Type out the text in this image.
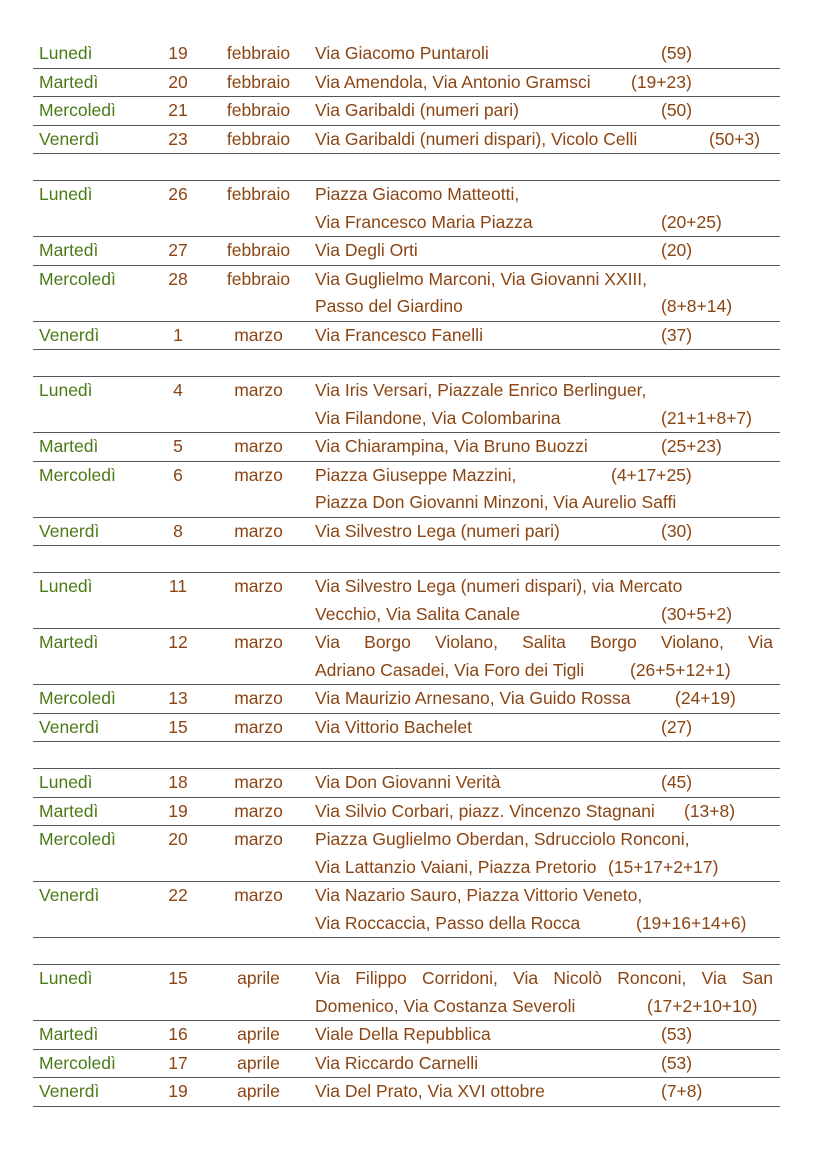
Lunedì	19	febbraio	Via Giacomo Puntaroli	(59)
Martedì	20	febbraio	Via Amendola, Via Antonio Gramsci (19+23)
Mercoledì	21	febbraio	Via Garibaldi (numeri pari)	(50)
Venerdì	23	febbraio	Via Garibaldi (numeri dispari), Vicolo Celli	(50+3)
Lunedì	26	febbraio	Piazza Giacomo Matteotti,
Via Francesco Maria Piazza	(20+25)
Martedì	27	febbraio	Via Degli Orti	(20)
Mercoledì	28	febbraio	Via Guglielmo Marconi, Via Giovanni XXIII,
Passo del Giardino	(8+8+14)
Venerdì	1	marzo	Via Francesco Fanelli	(37)
Lunedì	4	marzo	Via Iris Versari, Piazzale Enrico Berlinguer,
Via Filandone, Via Colombarina	(21+1+8+7)
Martedì	5	marzo	Via Chiarampina, Via Bruno Buozzi	(25+23)
Mercoledì	6	marzo	Piazza Giuseppe Mazzini,	(4+17+25)
Piazza Don Giovanni Minzoni, Via Aurelio Saffi
Venerdì	8	marzo	Via Silvestro Lega (numeri pari)	(30)
Lunedì	11	marzo	Via Silvestro Lega (numeri dispari), via Mercato
Vecchio, Via Salita Canale	(30+5+2)
Martedì	12	marzo	Via Borgo Violano, Salita Borgo Violano, Via
Adriano Casadei, Via Foro dei Tigli	(26+5+12+1)
Mercoledì	13	marzo	Via Maurizio Arnesano, Via Guido Rossa	(24+19)
Venerdì	15	marzo	Via Vittorio Bachelet	(27)
Lunedì	18	marzo	Via Don Giovanni Verità	(45)
Martedì	19	marzo	Via Silvio Corbari, piazz. Vincenzo Stagnani (13+8)
Mercoledì	20	marzo	Piazza Guglielmo Oberdan, Sdrucciolo Ronconi,
Via Lattanzio Vaiani, Piazza Pretorio (15+17+2+17)
Venerdì	22	marzo	Via Nazario Sauro, Piazza Vittorio Veneto,
Via Roccaccia, Passo della Rocca	(19+16+14+6)
Lunedì	15	aprile	Via Filippo Corridoni, Via Nicolò Ronconi, Via San
Domenico, Via Costanza Severoli	(17+2+10+10)
Martedì	16	aprile	Viale Della Repubblica	(53)
Mercoledì	17	aprile	Via Riccardo Carnelli	(53)
Venerdì	19	aprile	Via Del Prato, Via XVI ottobre	(7+8)
